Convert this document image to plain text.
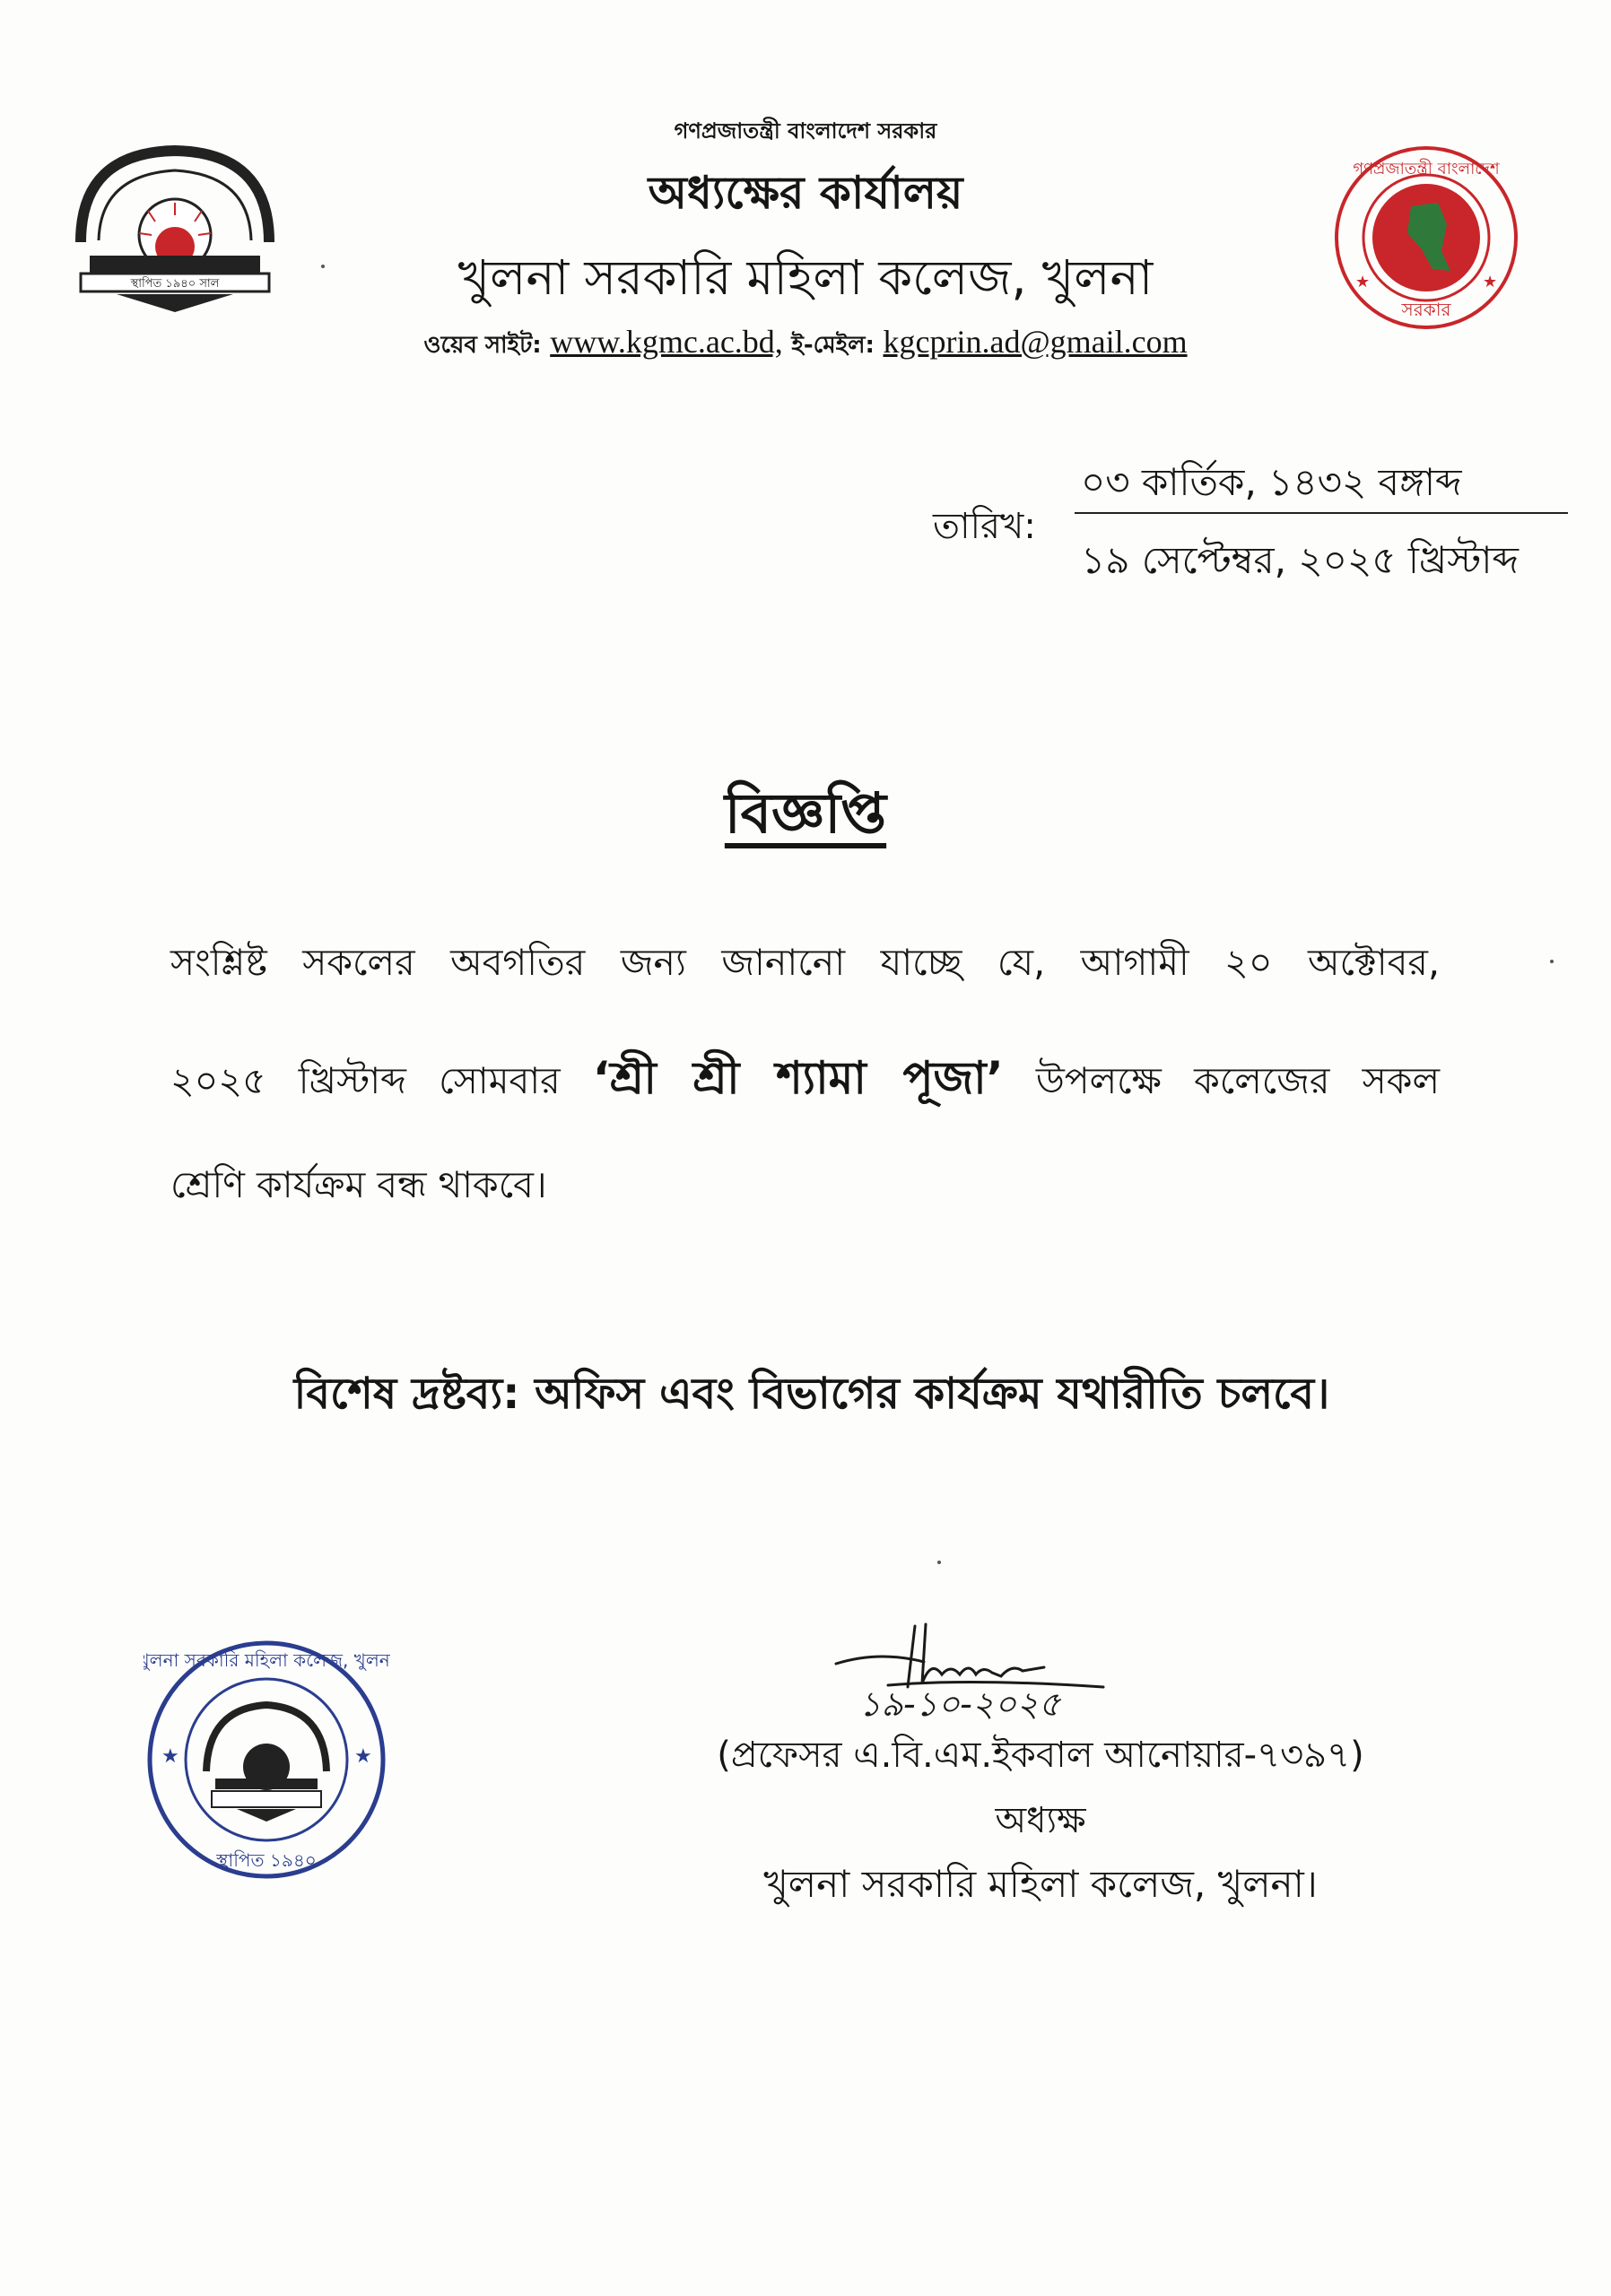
স্থাপিত ১৯৪০ সাল
গণপ্রজাতন্ত্রী বাংলাদেশ সরকার
অধ্যক্ষের কার্যালয়
খুলনা সরকারি মহিলা কলেজ, খুলনা
ওয়েব সাইট: www.kgmc.ac.bd, ই-মেইল: kgcprin.ad@gmail.com
গণপ্রজাতন্ত্রী বাংলাদেশ
সরকার
★	★
তারিখ:
০৩ কার্তিক, ১৪৩২ বঙ্গাব্দ
১৯ সেপ্টেম্বর, ২০২৫ খ্রিস্টাব্দ
বিজ্ঞপ্তি
সংশ্লিষ্ট সকলের অবগতির জন্য জানানো যাচ্ছে যে, আগামী ২০ অক্টোবর,
২০২৫ খ্রিস্টাব্দ সোমবার ‘শ্রী শ্রী শ্যামা পূজা’ উপলক্ষে কলেজের সকল
শ্রেণি কার্যক্রম বন্ধ থাকবে।
বিশেষ দ্রষ্টব্য: অফিস এবং বিভাগের কার্যক্রম যথারীতি চলবে।
খুলনা সরকারি মহিলা কলেজ, খুলনা
স্থাপিত ১৯৪০
★	★
১৯-১০-২০২৫
(প্রফেসর এ.বি.এম.ইকবাল আনোয়ার-৭৩৯৭)
অধ্যক্ষ
খুলনা সরকারি মহিলা কলেজ, খুলনা।
